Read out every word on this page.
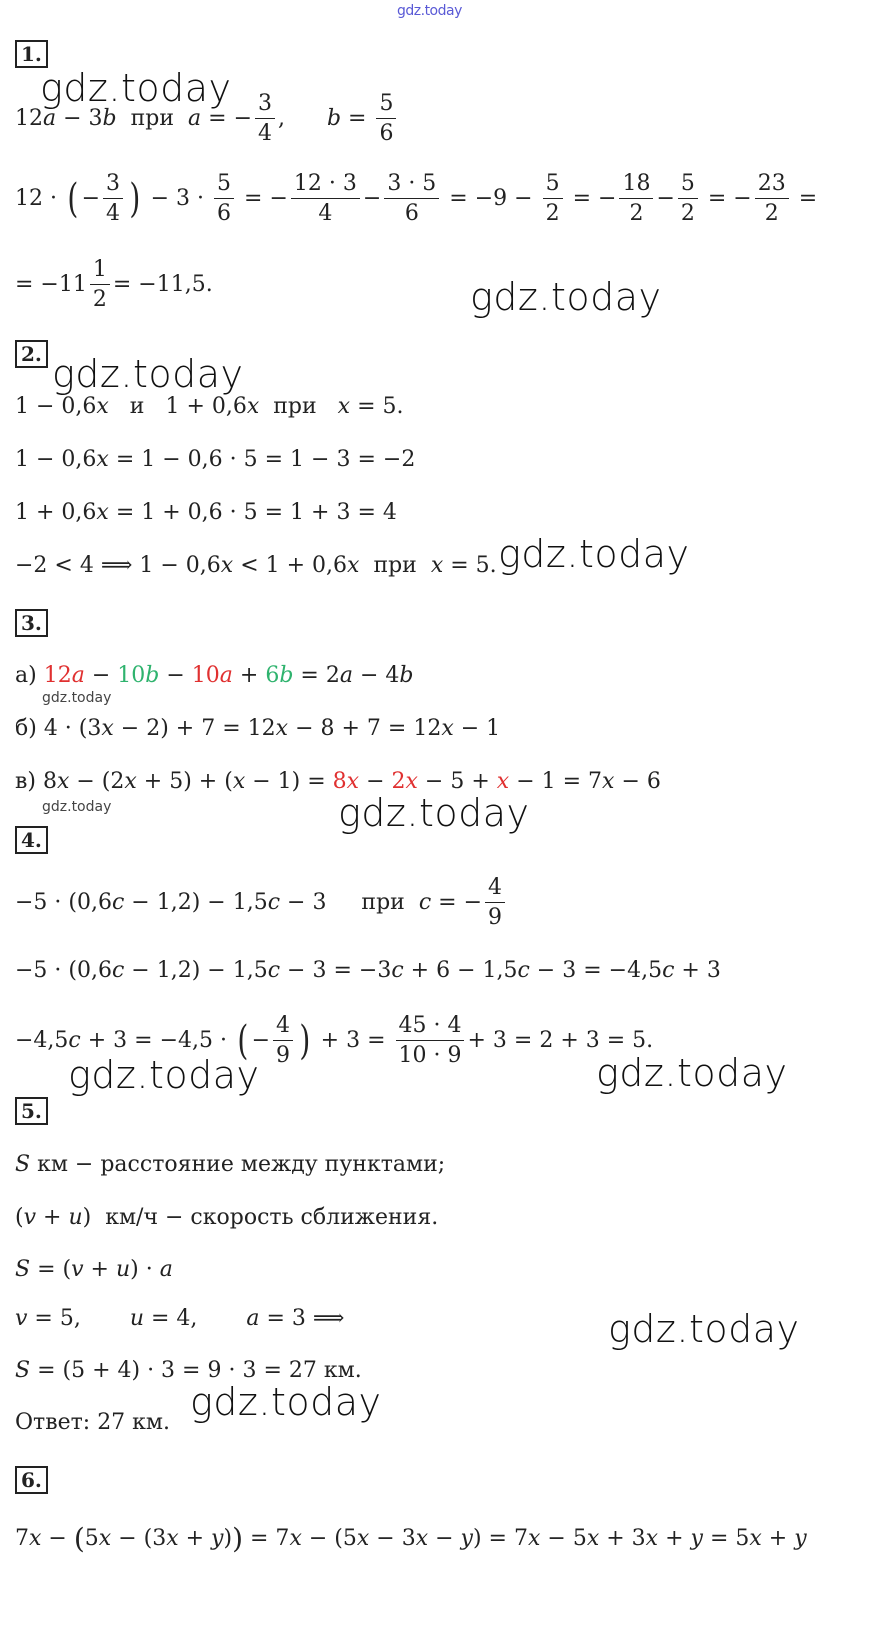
gdz.today
gdz.today
gdz.today
gdz.today
gdz.today
gdz.today
gdz.today	gdz.today
gdz.today
gdz.today
gdz.today
gdz.today
1.
12 a − 3 b при a = − $\frac{3}{4}$ , $b = \frac{5}{6}$
12 · ( − $\frac{3}{4}$ ) − $3 \cdot \frac{5}{6}$ = − $\frac{12 \cdot 3}{4} - \frac{3 \cdot 5}{6} = -9 - \frac{5}{2}$ = − $\frac{18}{2} - \frac{5}{2}$ = − $\frac{23}{2}$ =
= $-11 \frac{1}{2} = -11,5$.
2.
1 − 0,6 x и   1 + 0,6 x при x = 5.
1 − 0,6 x = 1 − 0,6 · 5 = 1 − 3 = −2
1 + 0,6 x = 1 + 0,6 · 5 = 1 + 3 = 4
−2 < 4 ⟹ 1 − 0,6 x < 1 + 0,6 x при x = 5.
3.
а) 12a − 10b − 10a + 6b = 2 a − 4 b
б) 4 · (3 x − 2) + 7 = 12 x − 8 + 7 = 12 x − 1
в) 8 x − (2 x + 5) + ( x − 1) = 8x − 2x − 5 + x − 1 = 7 x − 6
4.
−5 · (0,6 c − 1,2) − 1,5 c − 3     при c = − $\frac{4}{9}$
−5 · (0,6 c − 1,2) − 1,5 c − 3 = −3 c + 6 − 1,5 c − 3 = −4,5 c + 3
−4,5 c + 3 = −4,5 · ( − $\frac{4}{9}$ ) + $3 = \frac{45 \cdot 4}{10 \cdot 9} + 3 = 2 + 3 = 5$.
5.
S км − расстояние между пунктами;
( v + u )  км/ч − скорость сближения.
S = ( v + u ) · a
v = 5, u = 4, a = 3 ⟹
S = (5 + 4) · 3 = 9 · 3 = 27 км.
Ответ: 27 км.
6.
7 x − ( 5 x − (3 x + y ) ) = 7 x − (5 x − 3 x − y ) = 7 x − 5 x + 3 x + y = 5 x + y
